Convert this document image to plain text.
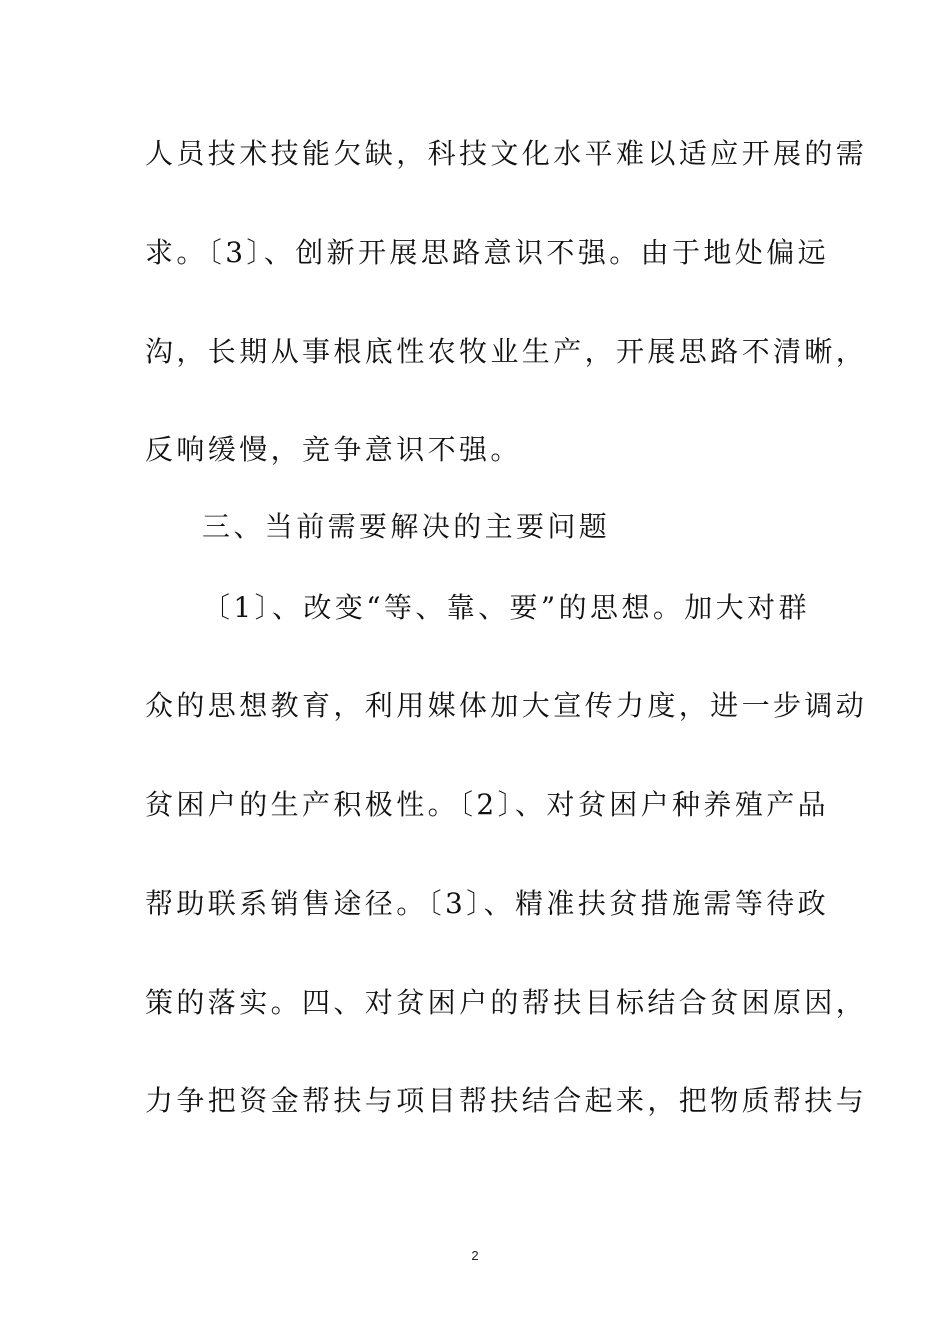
人员技术技能欠缺，科技文化水平难以适应开展的需
求。〔3〕、创新开展思路意识不强。由于地处偏远
沟，长期从事根底性农牧业生产，开展思路不清晰，
反响缓慢，竞争意识不强。
三、当前需要解决的主要问题
〔1〕、改变“等、靠、要”的思想。加大对群
众的思想教育，利用媒体加大宣传力度，进一步调动
贫困户的生产积极性。〔2〕、对贫困户种养殖产品
帮助联系销售途径。〔3〕、精准扶贫措施需等待政
策的落实。四、对贫困户的帮扶目标结合贫困原因，
力争把资金帮扶与项目帮扶结合起来，把物质帮扶与
2
